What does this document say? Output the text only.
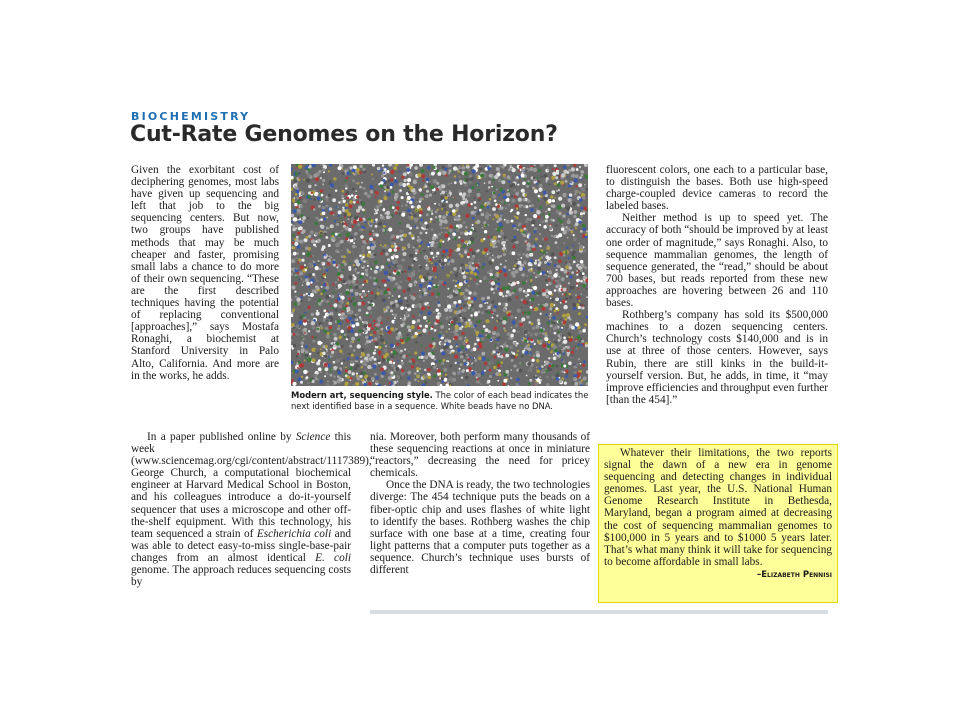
BIOCHEMISTRY
Cut-Rate Genomes on the Horizon?

Given the exorbitant cost of deciphering genomes, most labs have given up sequencing and left that job to the big sequencing centers. But now, two groups have published methods that may be much cheaper and faster, promising small labs a chance to do more of their own sequencing. “These are the first described techniques having the potential of replacing conventional [approaches],” says Mostafa Ronaghi, a biochemist at Stanford University in Palo Alto, California. And more are in the works, he adds.

Modern art, sequencing style. The color of each bead indicates the next identified base in a sequence. White beads have no DNA.

In a paper published online by Science this week (www.sciencemag.org/cgi/content/abstract/1117389), George Church, a computational biochemical engineer at Harvard Medical School in Boston, and his colleagues introduce a do-it-yourself sequencer that uses a microscope and other off-the-shelf equipment. With this technology, his team sequenced a strain of Escherichia coli and was able to detect easy-to-miss single-base-pair changes from an almost identical E. coli genome. The approach reduces sequencing costs by

nia. Moreover, both perform many thousands of these sequencing reactions at once in miniature “reactors,” decreasing the need for pricey chemicals.

Once the DNA is ready, the two technologies diverge: The 454 technique puts the beads on a fiber-optic chip and uses flashes of white light to identify the bases. Rothberg washes the chip surface with one base at a time, creating four light patterns that a computer puts together as a sequence. Church’s technique uses bursts of different

fluorescent colors, one each to a particular base, to distinguish the bases. Both use high-speed charge-coupled device cameras to record the labeled bases.

Neither method is up to speed yet. The accuracy of both “should be improved by at least one order of magnitude,” says Ronaghi. Also, to sequence mammalian genomes, the length of sequence generated, the “read,” should be about 700 bases, but reads reported from these new approaches are hovering between 26 and 110 bases.

Rothberg’s company has sold its $500,000 machines to a dozen sequencing centers. Church’s technology costs $140,000 and is in use at three of those centers. However, says Rubin, there are still kinks in the build-it-yourself version. But, he adds, in time, it “may improve efficiencies and throughput even further [than the 454].”

Whatever their limitations, the two reports signal the dawn of a new era in genome sequencing and detecting changes in individual genomes. Last year, the U.S. National Human Genome Research Institute in Bethesda, Maryland, began a program aimed at decreasing the cost of sequencing mammalian genomes to $100,000 in 5 years and to $1000 5 years later. That’s what many think it will take for sequencing to become affordable in small labs.
–Elizabeth Pennisi
